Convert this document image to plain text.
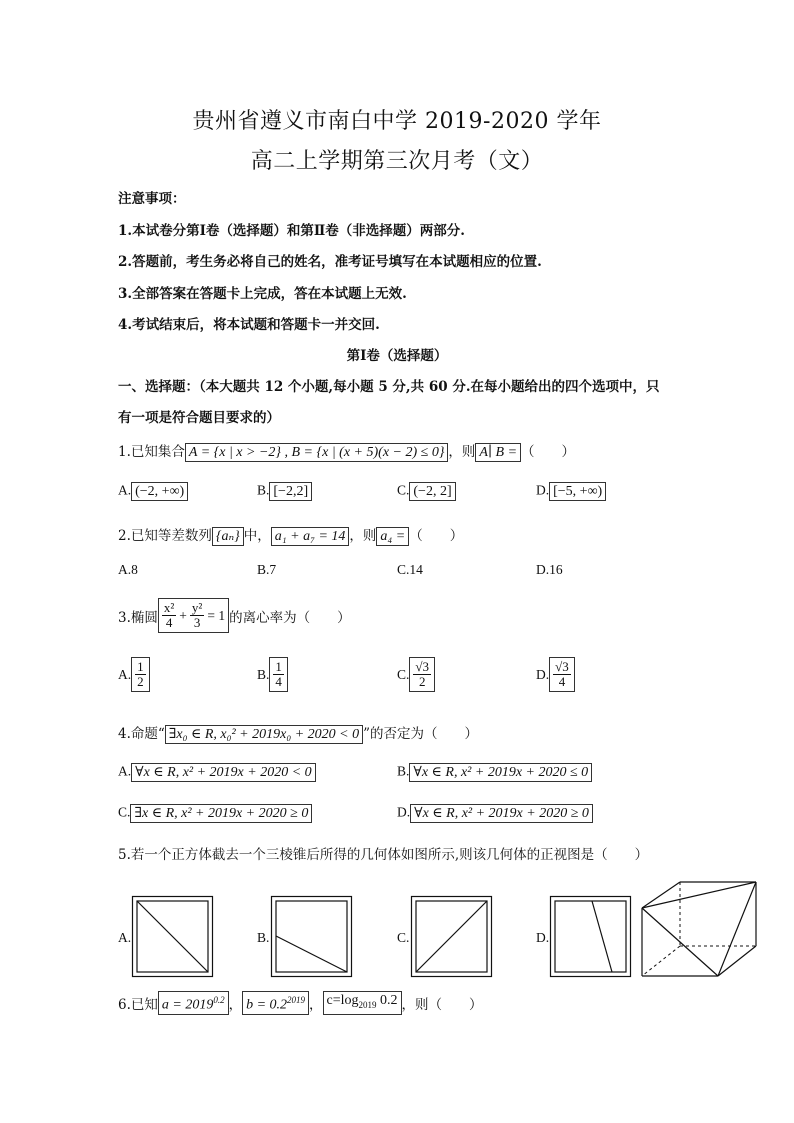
贵州省遵义市南白中学 2019-2020 学年
高二上学期第三次月考（文）
注意事项：
1.本试卷分第Ⅰ卷（选择题）和第Ⅱ卷（非选择题）两部分.
2.答题前，考生务必将自己的姓名，准考证号填写在本试题相应的位置.
3.全部答案在答题卡上完成，答在本试题上无效.
4.考试结束后，将本试题和答题卡一并交回.
第Ⅰ卷（选择题）
一、选择题：（本大题共 12 个小题,每小题 5 分,共 60 分.在每小题给出的四个选项中，只
有一项是符合题目要求的）
1.已知集合 A = {x | x > −2} , B = {x | (x + 5)(x − 2) ≤ 0} ，则 A∣ B = （　　）
A. (−2, +∞)	B. [−2,2]	C. (−2, 2]	D. [−5, +∞)
2.已知等差数列 {aₙ} 中， a₁ + a₇ = 14 ，则 a₄ = （　　）
A.8	B.7	C.14	D.16
3.椭圆 $\frac{\text{x²}}{4} + \frac{\text{y²}}{3} = 1$ 的离心率为（　　）
A. $\frac{1}{2}$	B. $\frac{1}{4}$	C. $\frac{√3}{2}$	D. $\frac{√3}{4}$
4.命题“ ∃x₀ ∈ R, x₀² + 2019x₀ + 2020 < 0 ”的否定为（　　）
A. ∀x ∈ R, x² + 2019x + 2020 < 0	B. ∀x ∈ R, x² + 2019x + 2020 ≤ 0
C. ∃x ∈ R, x² + 2019x + 2020 ≥ 0	D. ∀x ∈ R, x² + 2019x + 2020 ≥ 0
5.若一个正方体截去一个三棱锥后所得的几何体如图所示,则该几何体的正视图是（　　）
A.	B.	C.	D.
6.已知 $a = 2019^{0.2}$ ， $b = 0.2^{2019}$ ， $c=\log_{2019}$ 0.2 ，则（　　）
